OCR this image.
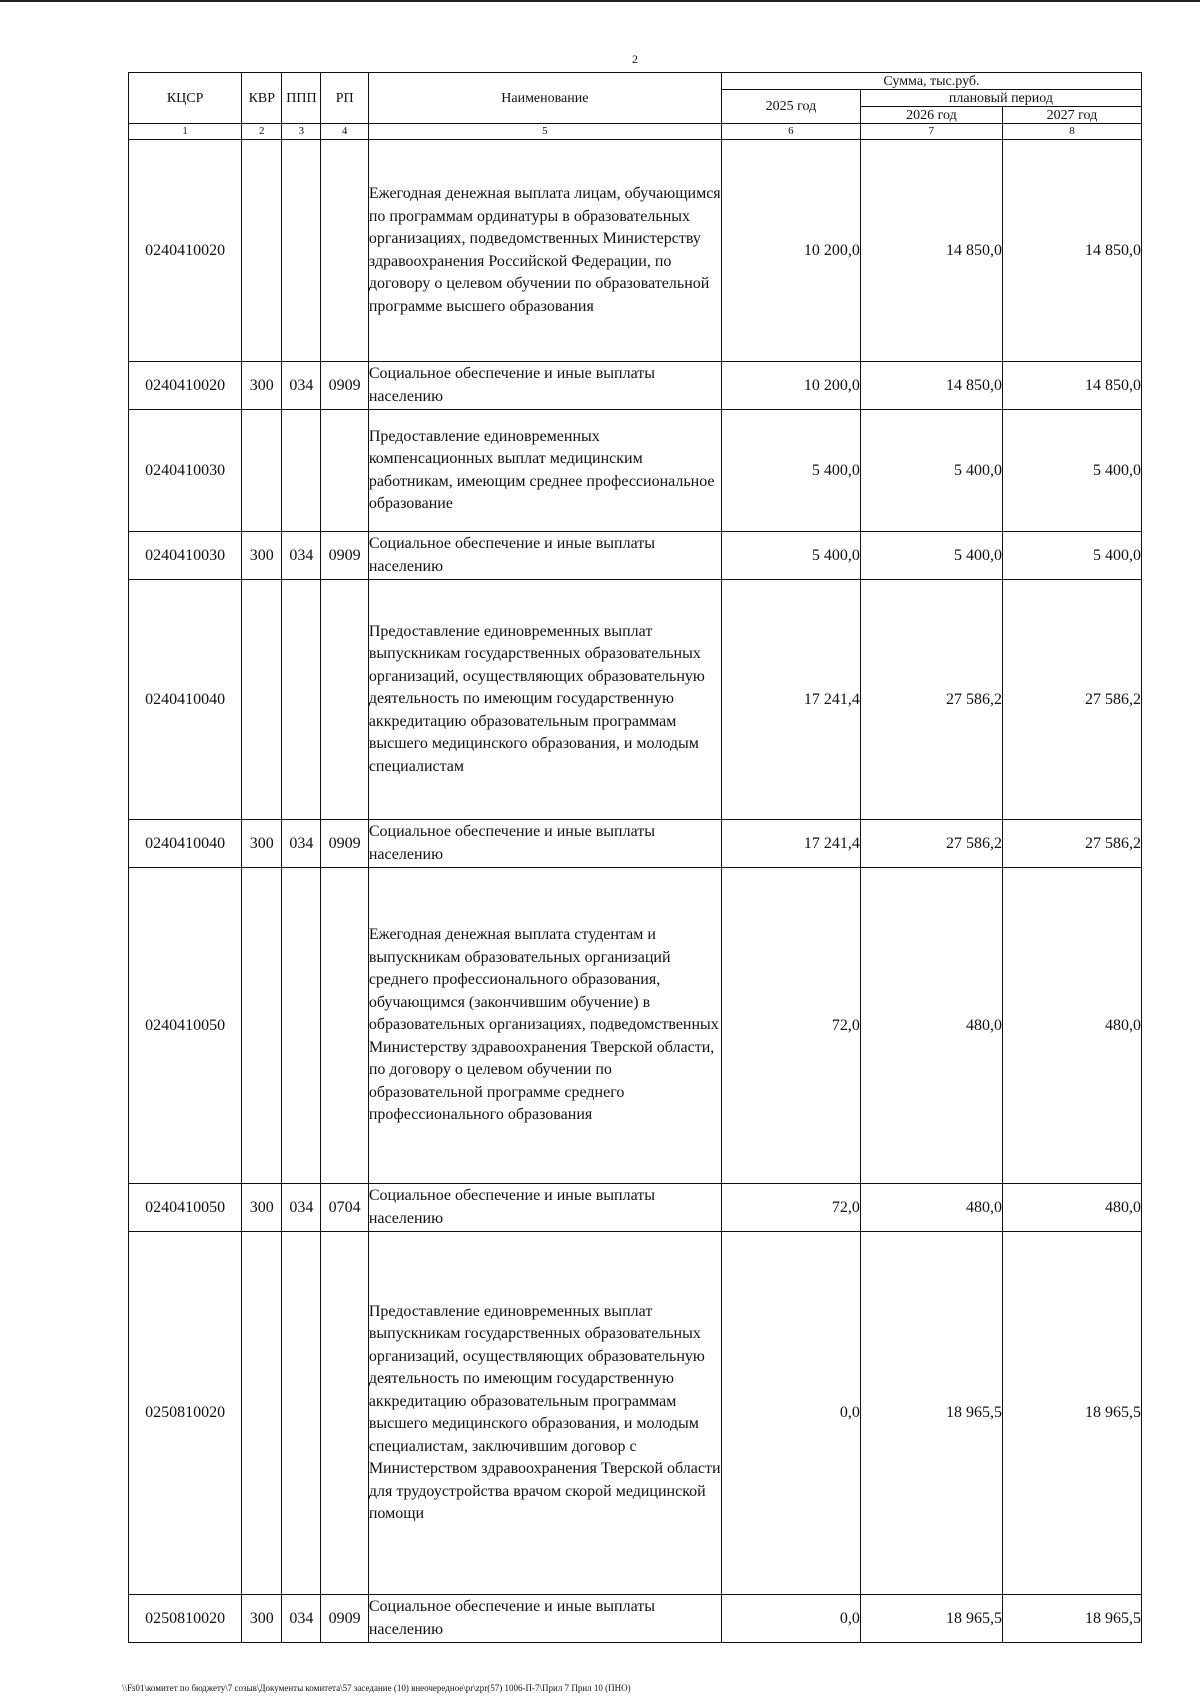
2
КЦСР	КВР	ППП	РП	Наименование	Сумма, тыс.руб.		
					2025 год	плановый период	
						2026 год	2027 год
1	2	3	4	5	6	7	8
0240410020				Ежегодная денежная выплата лицам, обучающимся по программам ординатуры в образовательных организациях, подведомственных Министерству здравоохранения Российской Федерации, по договору о целевом обучении по образовательной программе высшего образования	10 200,0	14 850,0	14 850,0
0240410020	300	034	0909	Социальное обеспечение и иные выплаты населению	10 200,0	14 850,0	14 850,0
0240410030				Предоставление единовременных компенсационных выплат медицинским работникам, имеющим среднее профессиональное образование	5 400,0	5 400,0	5 400,0
0240410030	300	034	0909	Социальное обеспечение и иные выплаты населению	5 400,0	5 400,0	5 400,0
0240410040				Предоставление единовременных выплат выпускникам государственных образовательных организаций, осуществляющих образовательную деятельность по имеющим государственную аккредитацию образовательным программам высшего медицинского образования, и молодым специалистам	17 241,4	27 586,2	27 586,2
0240410040	300	034	0909	Социальное обеспечение и иные выплаты населению	17 241,4	27 586,2	27 586,2
0240410050				Ежегодная денежная выплата студентам и выпускникам образовательных организаций среднего профессионального образования, обучающимся (закончившим обучение) в образовательных организациях, подведомственных Министерству здравоохранения Тверской области, по договору о целевом обучении по образовательной программе среднего профессионального образования	72,0	480,0	480,0
0240410050	300	034	0704	Социальное обеспечение и иные выплаты населению	72,0	480,0	480,0
0250810020				Предоставление единовременных выплат выпускникам государственных образовательных организаций, осуществляющих образовательную деятельность по имеющим государственную аккредитацию образовательным программам высшего медицинского образования, и молодым специалистам, заключившим договор с Министерством здравоохранения Тверской области для трудоустройства врачом скорой медицинской помощи	0,0	18 965,5	18 965,5
0250810020	300	034	0909	Социальное обеспечение и иные выплаты населению	0,0	18 965,5	18 965,5
\\Fs01\комитет по бюджету\7 созыв\Документы комитета\57 заседание (10) внеочередное\pr\zpr(57) 1006-П-7\Прил 7 Прил 10 (ПНО)
